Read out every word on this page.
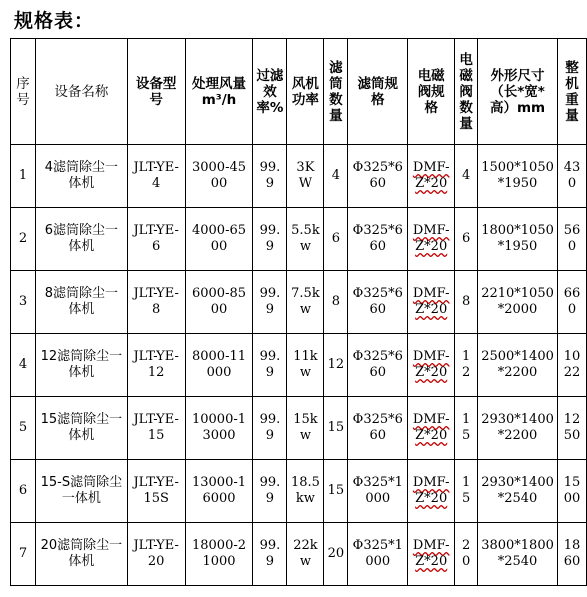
规格表：
序号	设备名称	设备型号	处理风量m³/h	过滤效率%	风机功率	滤筒数量	滤筒规格	电磁阀规格	电磁阀数量	外形尺寸（长*宽*高）mm	整机重量

1	4滤筒除尘一体机	JLT-YE-4	3000-4500	99.9	3KW	4	Φ325*660	DMF-Z*20	4	1500*1050*1950	430

2	6滤筒除尘一体机	JLT-YE-6	4000-6500	99.9	5.5kw	6	Φ325*660	DMF-Z*20	6	1800*1050*1950	560

3	8滤筒除尘一体机	JLT-YE-8	6000-8500	99.9	7.5kw	8	Φ325*660	DMF-Z*20	8	2210*1050*2000	660

4	12滤筒除尘一体机	JLT-YE-12	8000-11000	99.9	11kw	12	Φ325*660	DMF-Z*20	12	2500*1400*2200	1022

5	15滤筒除尘一体机	JLT-YE-15	10000-13000	99.9	15kw	15	Φ325*660	DMF-Z*20	15	2930*1400*2200	1250

6	15-S滤筒除尘一体机	JLT-YE-15S	13000-16000	99.9	18.5kw	15	Φ325*1000	DMF-Z*20	15	2930*1400*2540	1500

7	20滤筒除尘一体机	JLT-YE-20	18000-21000	99.9	22kw	20	Φ325*1000	DMF-Z*20	20	3800*1800*2540	1860
